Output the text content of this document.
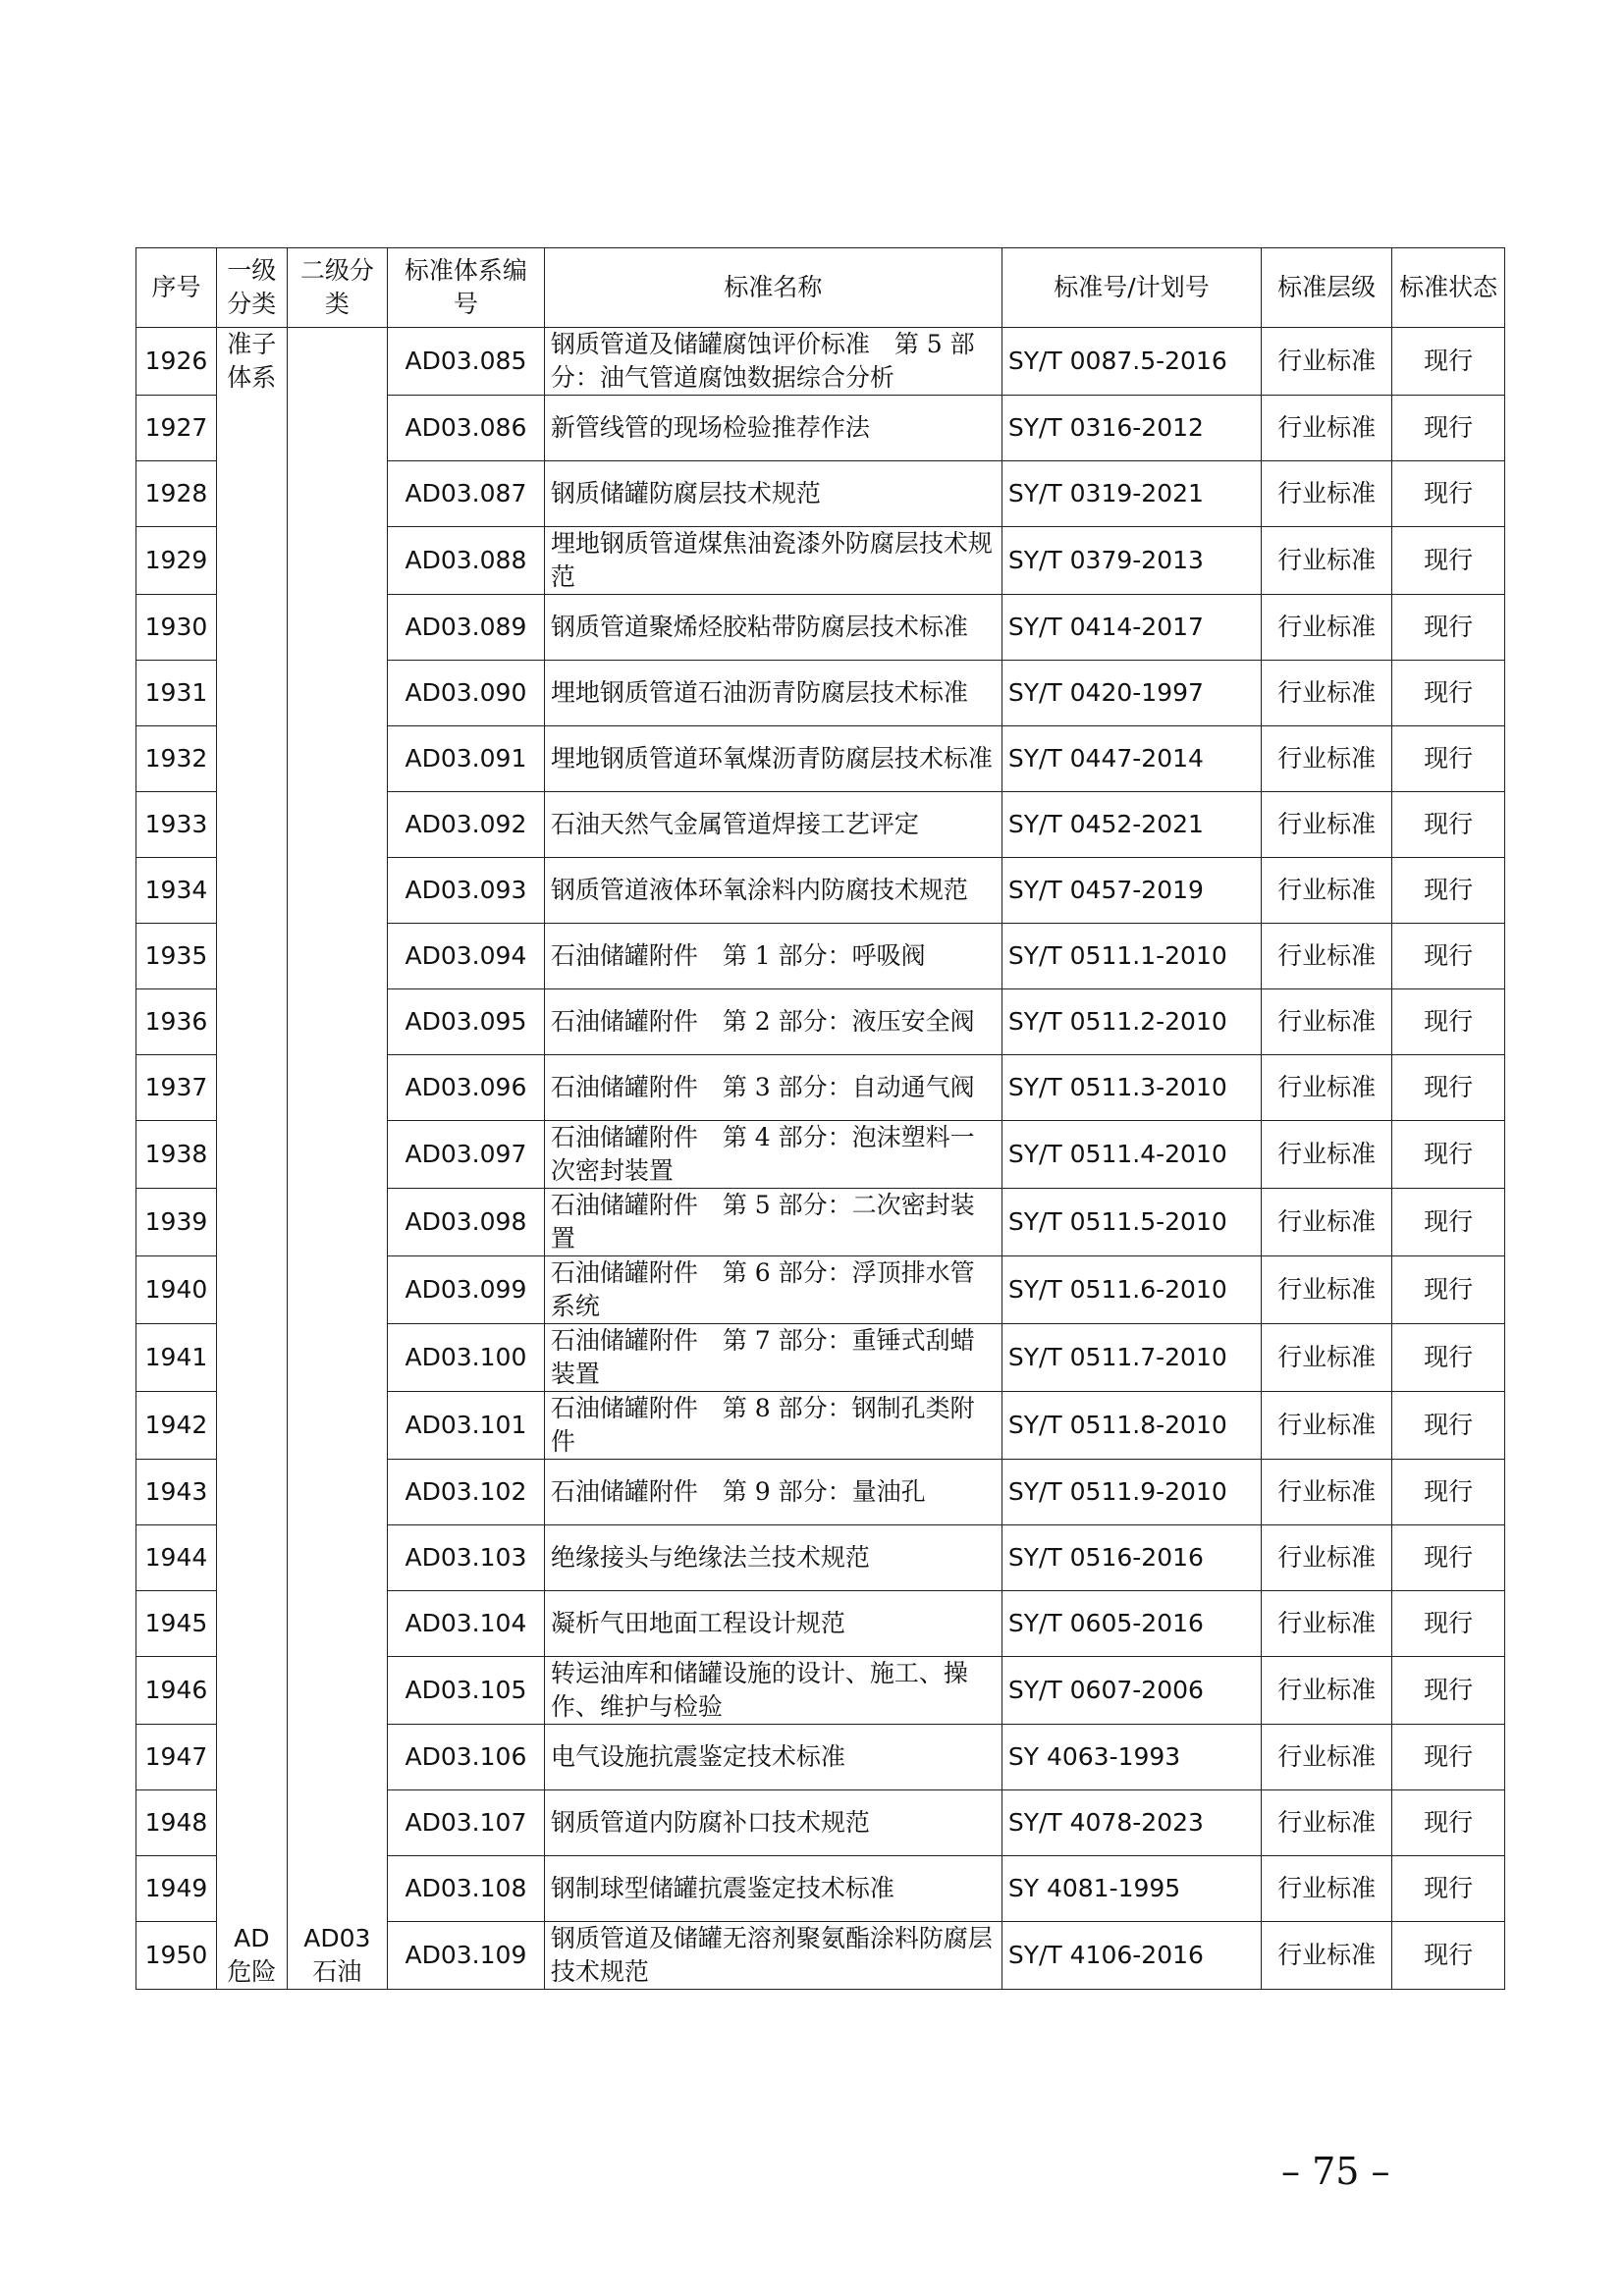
序号	一级分类	二级分类	标准体系编号	标准名称	标准号/计划号	标准层级	标准状态

1926	准子体系		AD03.085	钢质管道及储罐腐蚀评价标准　第 5 部分：油气管道腐蚀数据综合分析	SY/T 0087.5-2016	行业标准	现行

1927			AD03.086	新管线管的现场检验推荐作法	SY/T 0316-2012	行业标准	现行

1928			AD03.087	钢质储罐防腐层技术规范	SY/T 0319-2021	行业标准	现行

1929			AD03.088	埋地钢质管道煤焦油瓷漆外防腐层技术规范	SY/T 0379-2013	行业标准	现行

1930			AD03.089	钢质管道聚烯烃胶粘带防腐层技术标准	SY/T 0414-2017	行业标准	现行

1931			AD03.090	埋地钢质管道石油沥青防腐层技术标准	SY/T 0420-1997	行业标准	现行

1932			AD03.091	埋地钢质管道环氧煤沥青防腐层技术标准	SY/T 0447-2014	行业标准	现行

1933			AD03.092	石油天然气金属管道焊接工艺评定	SY/T 0452-2021	行业标准	现行

1934			AD03.093	钢质管道液体环氧涂料内防腐技术规范	SY/T 0457-2019	行业标准	现行

1935			AD03.094	石油储罐附件　第 1 部分：呼吸阀	SY/T 0511.1-2010	行业标准	现行

1936			AD03.095	石油储罐附件　第 2 部分：液压安全阀	SY/T 0511.2-2010	行业标准	现行

1937			AD03.096	石油储罐附件　第 3 部分：自动通气阀	SY/T 0511.3-2010	行业标准	现行

1938			AD03.097	石油储罐附件　第 4 部分：泡沫塑料一次密封装置	SY/T 0511.4-2010	行业标准	现行

1939			AD03.098	石油储罐附件　第 5 部分：二次密封装置	SY/T 0511.5-2010	行业标准	现行

1940			AD03.099	石油储罐附件　第 6 部分：浮顶排水管系统	SY/T 0511.6-2010	行业标准	现行

1941			AD03.100	石油储罐附件　第 7 部分：重锤式刮蜡装置	SY/T 0511.7-2010	行业标准	现行

1942			AD03.101	石油储罐附件　第 8 部分：钢制孔类附件	SY/T 0511.8-2010	行业标准	现行

1943			AD03.102	石油储罐附件　第 9 部分：量油孔	SY/T 0511.9-2010	行业标准	现行

1944			AD03.103	绝缘接头与绝缘法兰技术规范	SY/T 0516-2016	行业标准	现行

1945			AD03.104	凝析气田地面工程设计规范	SY/T 0605-2016	行业标准	现行

1946			AD03.105	转运油库和储罐设施的设计、施工、操作、维护与检验	SY/T 0607-2006	行业标准	现行

1947			AD03.106	电气设施抗震鉴定技术标准	SY 4063-1993	行业标准	现行

1948			AD03.107	钢质管道内防腐补口技术规范	SY/T 4078-2023	行业标准	现行

1949			AD03.108	钢制球型储罐抗震鉴定技术标准	SY 4081-1995	行业标准	现行

1950	AD危险	AD03石油	AD03.109	钢质管道及储罐无溶剂聚氨酯涂料防腐层技术规范	SY/T 4106-2016	行业标准	现行
– 75 –
